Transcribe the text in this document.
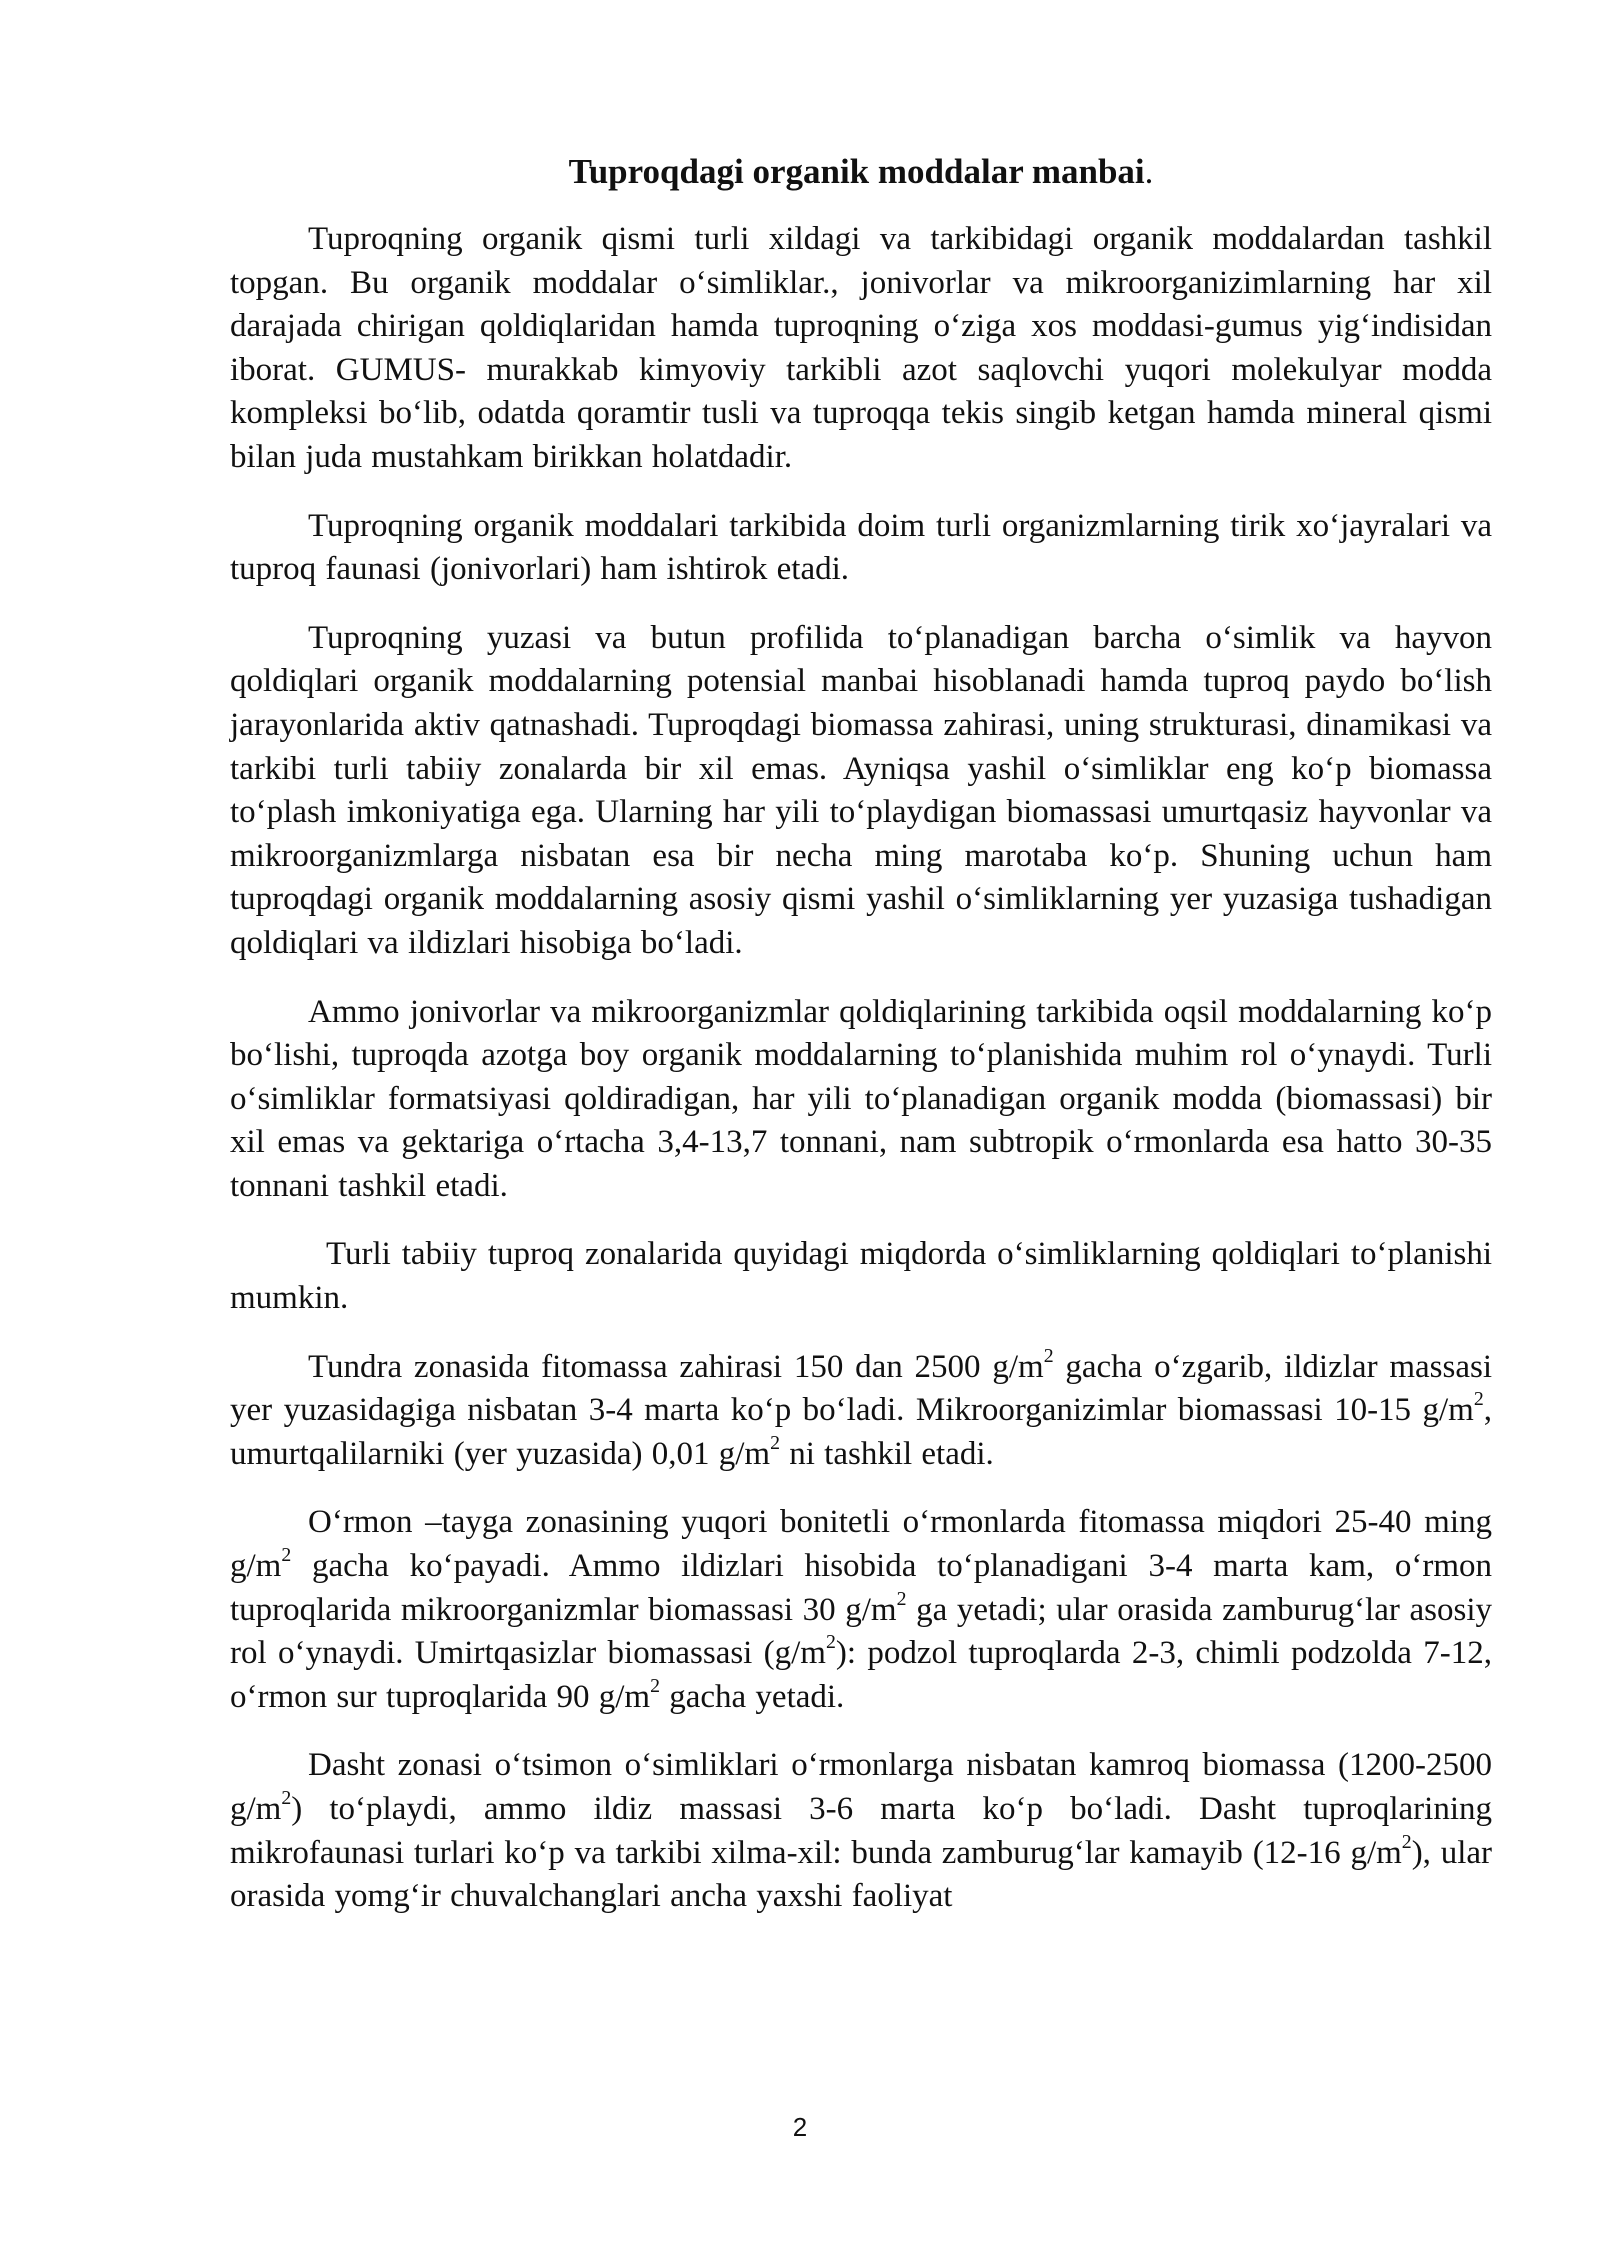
Tuproqdagi organik moddalar manbai.

Tuproqning organik qismi turli xildagi va tarkibidagi organik moddalardan tashkil topgan. Bu organik moddalar o‘simliklar., jonivorlar va mikroorganizimlarning har xil darajada chirigan qoldiqlaridan hamda tuproqning o‘ziga xos moddasi-gumus yig‘indisidan iborat. GUMUS- murakkab kimyoviy tarkibli azot saqlovchi yuqori molekulyar modda kompleksi bo‘lib, odatda qoramtir tusli va tuproqqa tekis singib ketgan hamda mineral qismi bilan juda mustahkam birikkan holatdadir.

Tuproqning organik moddalari tarkibida doim turli organizmlarning tirik xo‘jayralari va tuproq faunasi (jonivorlari) ham ishtirok etadi.

Tuproqning yuzasi va butun profilida to‘planadigan barcha o‘simlik va hayvon qoldiqlari organik moddalarning potensial manbai hisoblanadi hamda tuproq paydo bo‘lish jarayonlarida aktiv qatnashadi. Tuproqdagi biomassa zahirasi, uning strukturasi, dinamikasi va tarkibi turli tabiiy zonalarda bir xil emas. Ayniqsa yashil o‘simliklar eng ko‘p biomassa to‘plash imkoniyatiga ega. Ularning har yili to‘playdigan biomassasi umurtqasiz hayvonlar va mikroorganizmlarga nisbatan esa bir necha ming marotaba ko‘p. Shuning uchun ham tuproqdagi organik moddalarning asosiy qismi yashil o‘simliklarning yer yuzasiga tushadigan qoldiqlari va ildizlari hisobiga bo‘ladi.

Ammo jonivorlar va mikroorganizmlar qoldiqlarining tarkibida oqsil moddalarning ko‘p bo‘lishi, tuproqda azotga boy organik moddalarning to‘planishida muhim rol o‘ynaydi. Turli o‘simliklar formatsiyasi qoldiradigan, har yili to‘planadigan organik modda (biomassasi) bir xil emas va gektariga o‘rtacha 3,4-13,7 tonnani, nam subtropik o‘rmonlarda esa hatto 30-35 tonnani tashkil etadi.

Turli tabiiy tuproq zonalarida quyidagi miqdorda o‘simliklarning qoldiqlari to‘planishi mumkin.

Tundra zonasida fitomassa zahirasi 150 dan 2500 $g/m^2$ gacha o‘zgarib, ildizlar massasi yer yuzasidagiga nisbatan 3-4 marta ko‘p bo‘ladi. Mikroorganizimlar biomassasi 10-15 $g/m^2$, umurtqalilarniki (yer yuzasida) 0,01 $g/m^2$ ni tashkil etadi.

O‘rmon –tayga zonasining yuqori bonitetli o‘rmonlarda fitomassa miqdori 25-40 ming $g/m^2$ gacha ko‘payadi. Ammo ildizlari hisobida to‘planadigani 3-4 marta kam, o‘rmon tuproqlarida mikroorganizmlar biomassasi 30 $g/m^2$ ga yetadi; ular orasida zamburug‘lar asosiy rol o‘ynaydi. Umirtqasizlar biomassasi $(g/m^2)$: podzol tuproqlarda 2-3, chimli podzolda 7-12, o‘rmon sur tuproqlarida 90 $g/m^2$ gacha yetadi.

Dasht zonasi o‘tsimon o‘simliklari o‘rmonlarga nisbatan kamroq biomassa (1200-2500 $g/m^2$) to‘playdi, ammo ildiz massasi 3-6 marta ko‘p bo‘ladi. Dasht tuproqlarining mikrofaunasi turlari ko‘p va tarkibi xilma-xil: bunda zamburug‘lar kamayib (12-16 $g/m^2$), ular orasida yomg‘ir chuvalchanglari ancha yaxshi faoliyat

2
